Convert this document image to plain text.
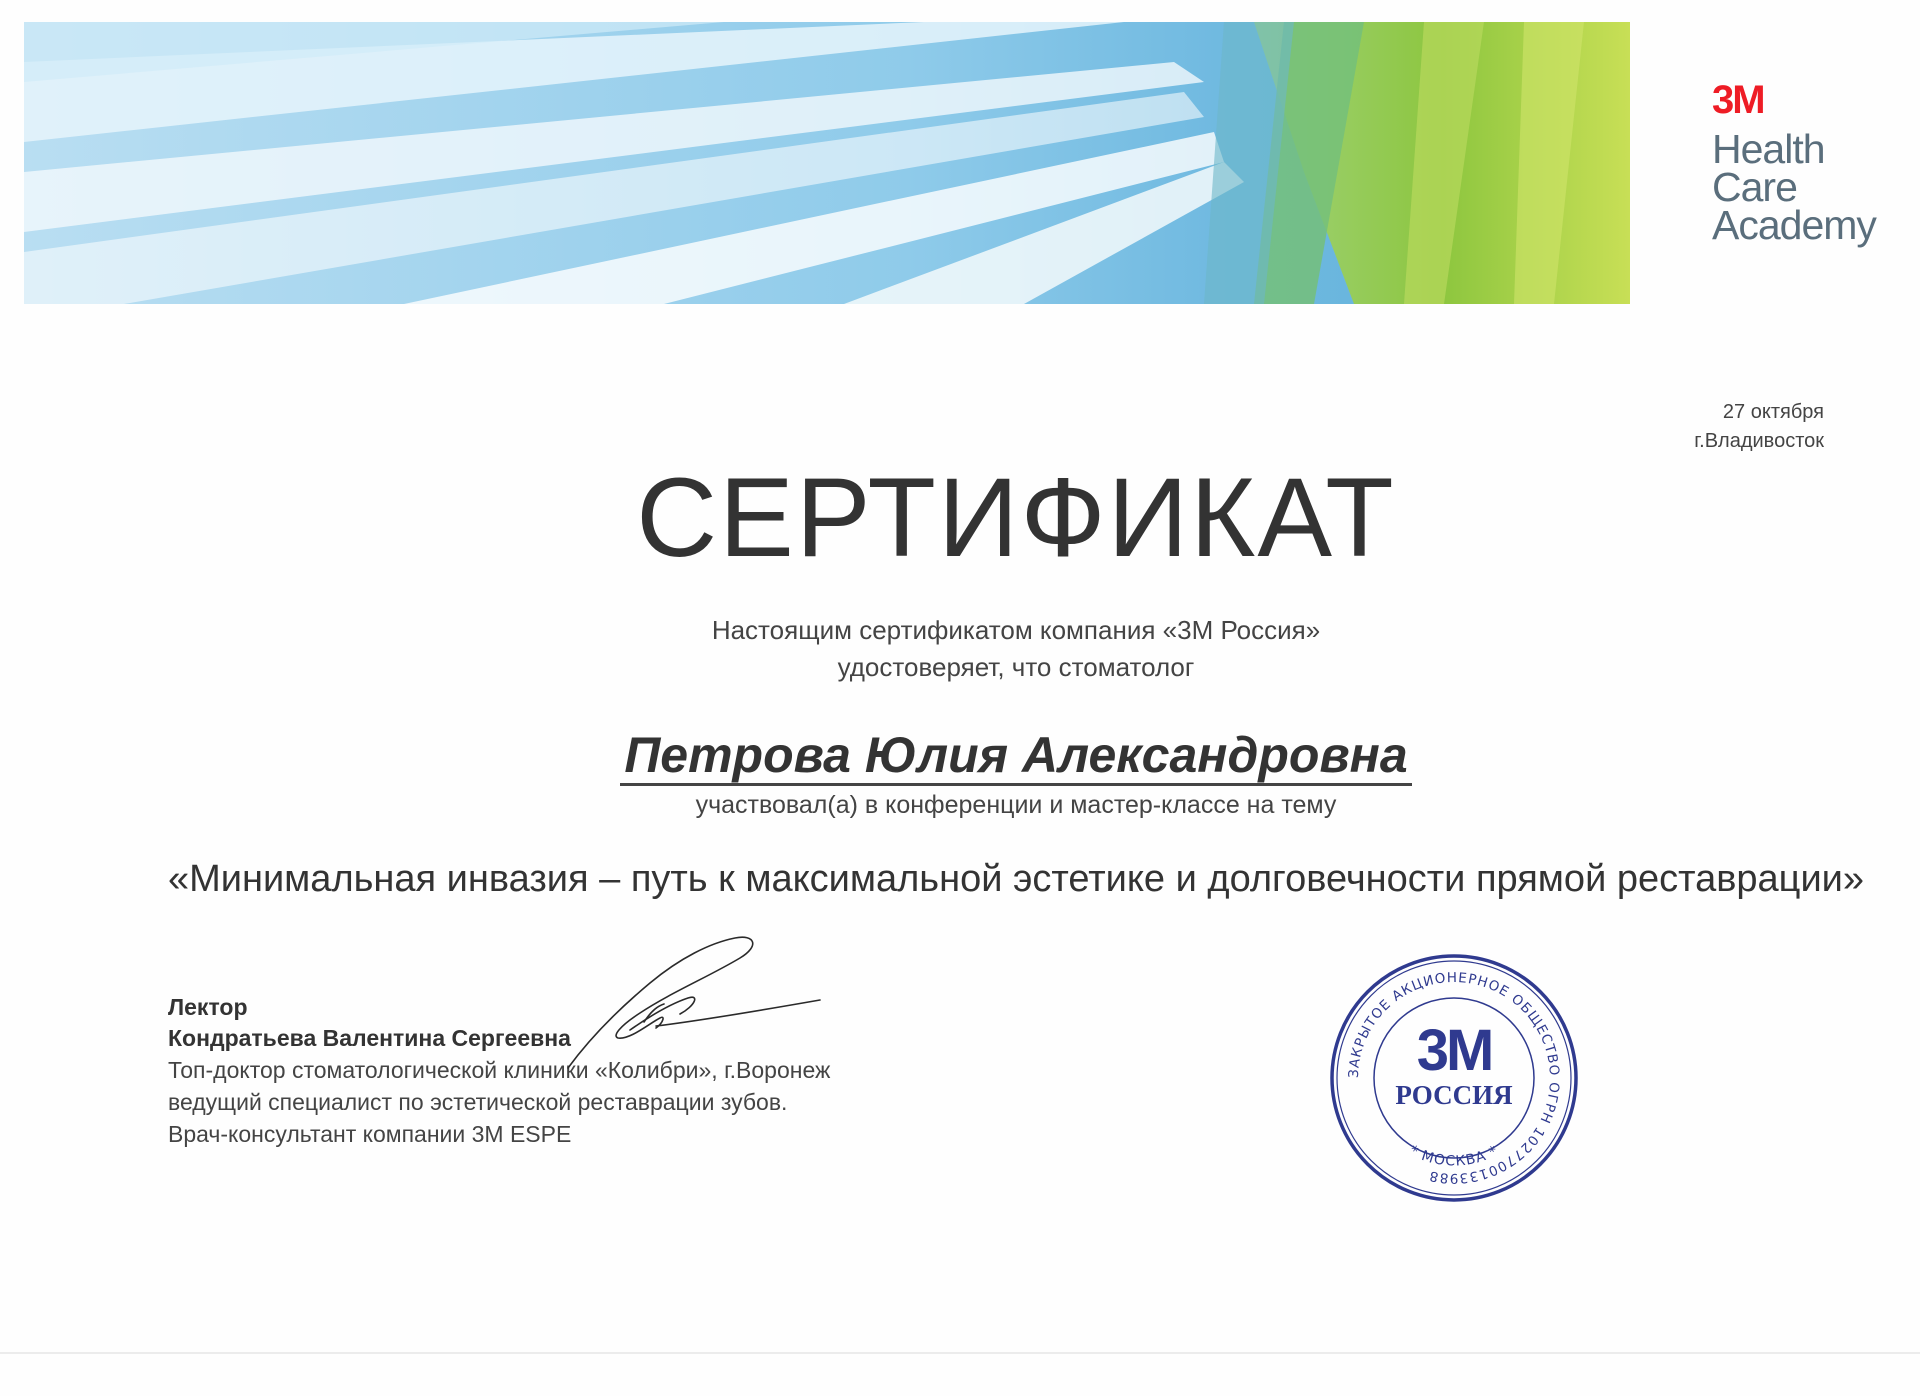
3M
Health
Care
Academy
27 октября
г.Владивосток
СЕРТИФИКАТ
Настоящим сертификатом компания «3М Россия»
удостоверяет, что стоматолог
Петрова Юлия Александровна
участвовал(а) в конференции и мастер-классе на тему
«Минимальная инвазия – путь к максимальной эстетике и долговечности прямой реставрации»
Лектор
Кондратьева Валентина Сергеевна
Топ-доктор стоматологической клиники «Колибри», г.Воронеж
ведущий специалист по эстетической реставрации зубов.
Врач-консультант компании 3М ESPE
ЗАКРЫТОЕ АКЦИОНЕРНОЕ ОБЩЕСТВО ОГРН 1027700133988
* МОСКВА *
3М
РОССИЯ
